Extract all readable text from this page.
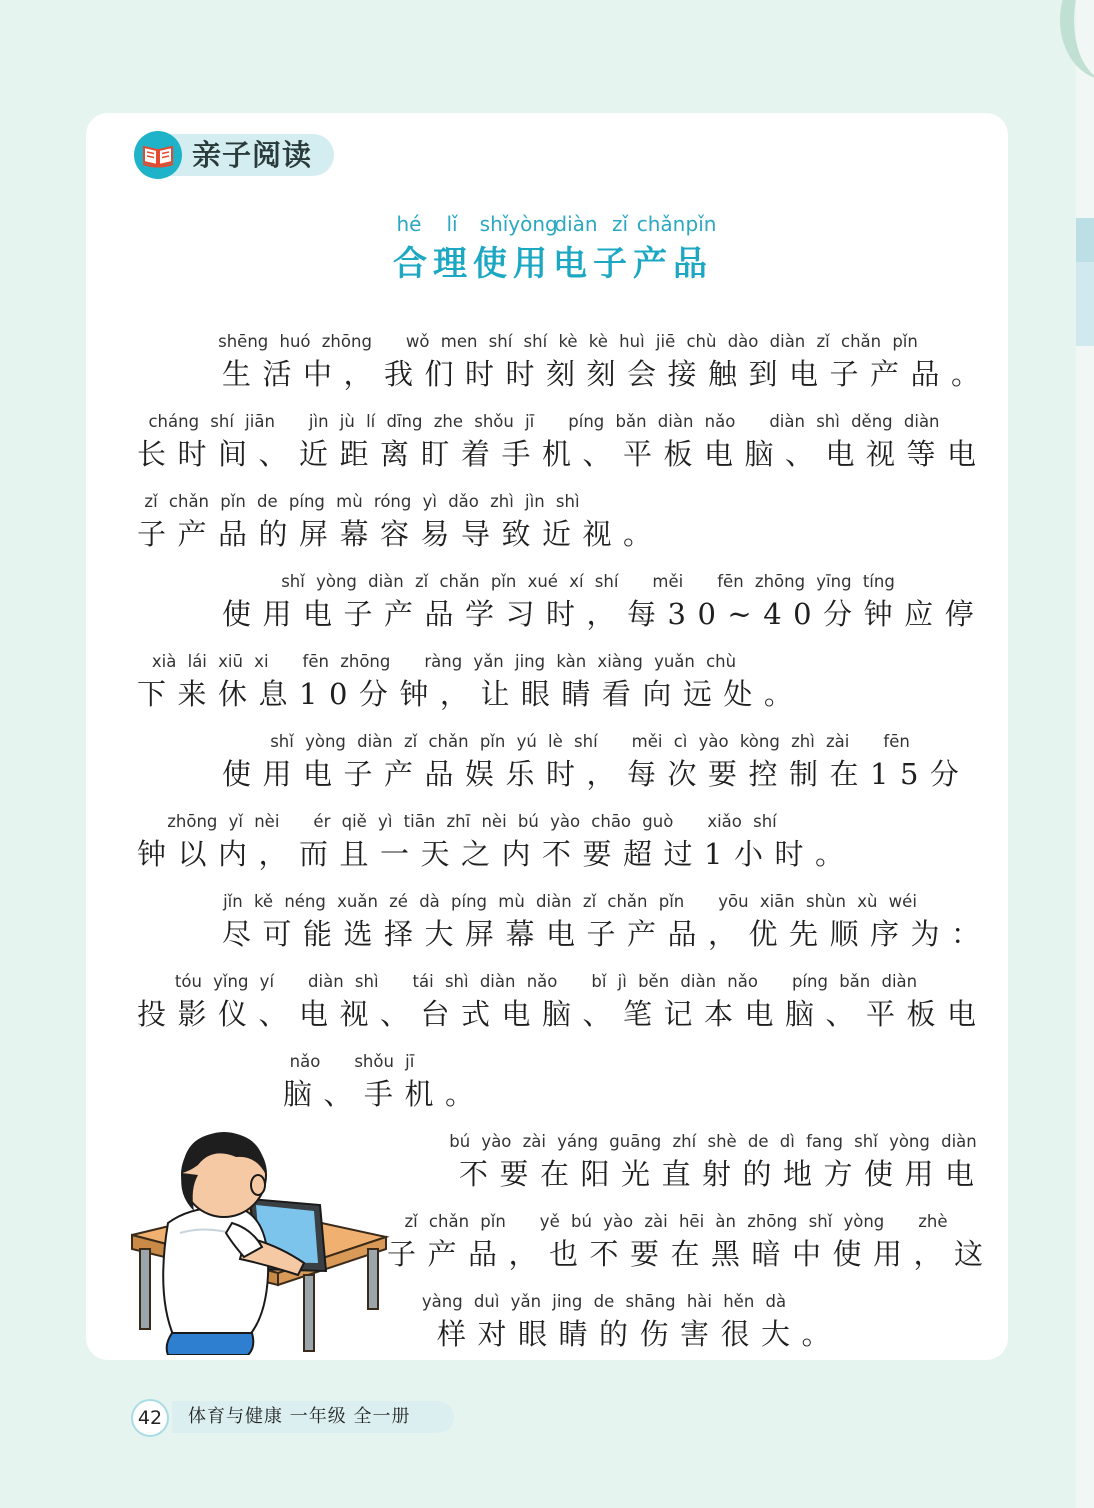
亲子阅读
hé lǐ shǐ yòng
diàn zǐ chǎn pǐn
合理使用电子产品
shēng huó zhōng wǒ men shí shí kè kè huì jiē chù dào diàn zǐ chǎn pǐn
生活中，我们时时刻刻会接触到电子产品。
cháng shí jiān jìn jù lí dīng zhe shǒu jī píng bǎn diàn nǎo diàn shì děng diàn
长时间、近距离盯着手机、平板电脑、电视等电
zǐ chǎn pǐn de píng mù róng yì dǎo zhì jìn shì
子产品的屏幕容易导致近视。
shǐ yòng diàn zǐ chǎn pǐn xué xí shí měi fēn zhōng yīng tíng
使用电子产品学习时，每30~40分钟应停
xià lái xiū xi fēn zhōng ràng yǎn jing kàn xiàng yuǎn chù
下来休息10分钟，让眼睛看向远处。
shǐ yòng diàn zǐ chǎn pǐn yú lè shí měi cì yào kòng zhì zài fēn
使用电子产品娱乐时，每次要控制在15分
zhōng yǐ nèi ér qiě yì tiān zhī nèi bú yào chāo guò xiǎo shí
钟以内，而且一天之内不要超过1小时。
jǐn kě néng xuǎn zé dà píng mù diàn zǐ chǎn pǐn yōu xiān shùn xù wéi
尽可能选择大屏幕电子产品，优先顺序为：
tóu yǐng yí diàn shì tái shì diàn nǎo bǐ jì běn diàn nǎo píng bǎn diàn
投影仪、电视、台式电脑、笔记本电脑、平板电
nǎo shǒu jī
脑、手机。
bú yào zài yáng guāng zhí shè de dì fang shǐ yòng diàn
不要在阳光直射的地方使用电
zǐ chǎn pǐn yě bú yào zài hēi àn zhōng shǐ yòng zhè
子产品，也不要在黑暗中使用，这
yàng duì yǎn jing de shāng hài hěn dà
样对眼睛的伤害很大。
42	体育与健康 一年级 全一册
